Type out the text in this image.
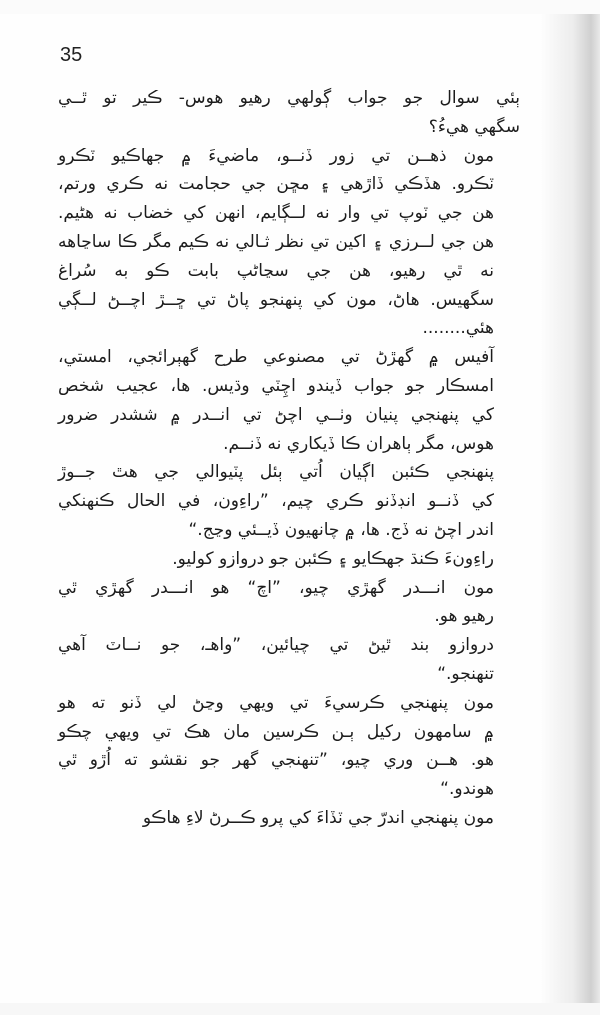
35
ٻئي سوال جو جواب ڳولهي رهيو هوس- ڪير تو ٿــي
سگهي هيءُ؟
مون ذهــن تي زور ڏنــو، ماضيءَ ۾ جهاڪيو ٽڪرو
ٽڪرو. هڏڪي ڏاڙهي ۽ مڇن جي حجامت نه ڪري ورتم،
هن جي ٽوپ تي وار نه لــڳايم، انهن کي خضاب نه هڻيم.
هن جي لــرزي ۽ اکين تي نظر ثـالي نه ڪيم مگر ڪا ساڃاهه
نه ٿي رهيو، هن جي سڃاڻپ بابت ڪو به سُراغ
سگهيس. هاڻ، مون کي پنهنجو پاڻ تي ڇــڙ اچــڻ لــڳي
هئي........
آفيس ۾ گهڙڻ تي مصنوعي طرح گهٻرائجي، امستي،
امسڪار جو جواب ڏيندو اچِٽي وڌيس. ها، عجيب شخص
کي پنهنجي پنيان وٺــي اچڻ تي انــدر ۾ ششدر ضرور
هوس، مگر ٻاهران ڪا ڏيکاري نه ڏنــم.
پنهنجي ڪئبن اڳيان اُتي ٻئل پٽيوالي جي هٿ جــوڙ
کي ڏنــو انڊڏنو ڪري چيم، ”راءِون، في الحال ڪنهنکي
اندر اچڻ نه ڏج. ها، ۾ چانهيون ڏيــئي وڃج.“
راءِونءَ ڪنڌ جهڪايو ۽ ڪئبن جو دروازو کوليو.
مون انـــدر گهڙي چيو، ”اچ“ هو انـــدر گهڙي ٿي
رهيو هو.
دروازو بند ٿيڻ تي چيائين، ”واهـ، جو نــاٽ آهي
تنهنجو.“
مون پنهنجي ڪرسيءَ تي ويهي وڃڻ لي ڏنو ته هو
۾ سامهون رکيل ٻـن ڪرسين مان هڪ تي ويهي چڪو
هو. هــن وري چيو، ”تنهنجي گهر جو نقشو ته اُڙو ٿي
هوندو.“
مون پنهنجي اندرّ جي ٽڏاءَ کي پرو ڪــرڻ لاءِ هاڪو
